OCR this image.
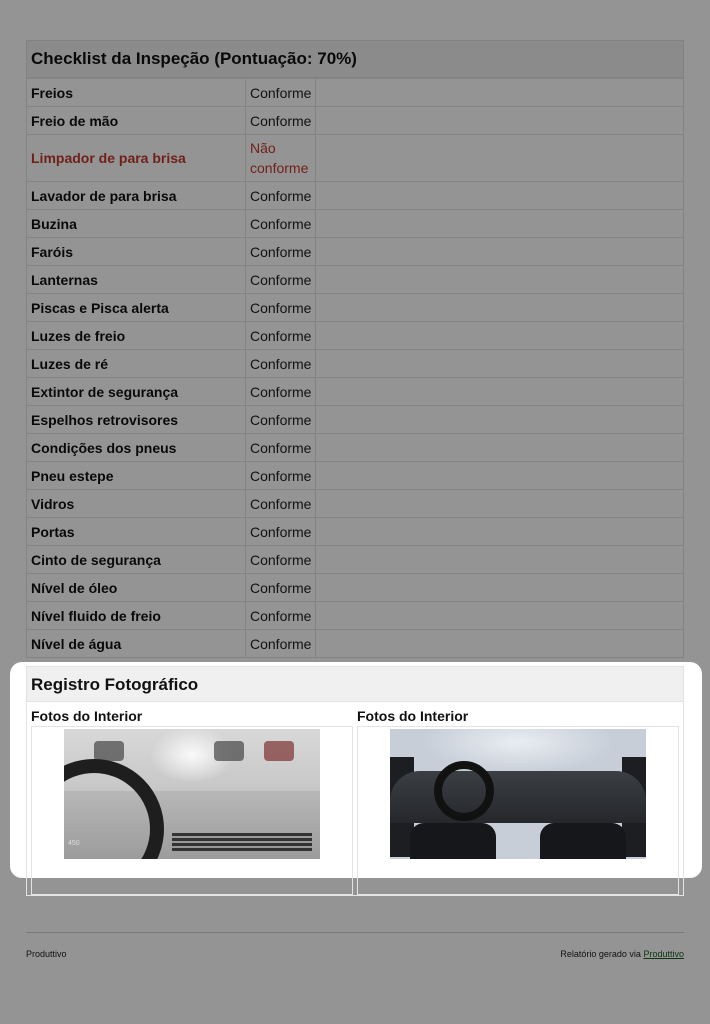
Checklist da Inspeção (Pontuação: 70%)
Freios	Conforme	
Freio de mão	Conforme	
Limpador de para brisa	Não conforme	
Lavador de para brisa	Conforme	
Buzina	Conforme	
Faróis	Conforme	
Lanternas	Conforme	
Piscas e Pisca alerta	Conforme	
Luzes de freio	Conforme	
Luzes de ré	Conforme	
Extintor de segurança	Conforme	
Espelhos retrovisores	Conforme	
Condições dos pneus	Conforme	
Pneu estepe	Conforme	
Vidros	Conforme	
Portas	Conforme	
Cinto de segurança	Conforme	
Nível de óleo	Conforme	
Nível fluido de freio	Conforme	
Nível de água	Conforme	
Produttivo	Relatório gerado via Produttivo
Registro Fotográfico
Fotos do Interior
450
Fotos do Interior
